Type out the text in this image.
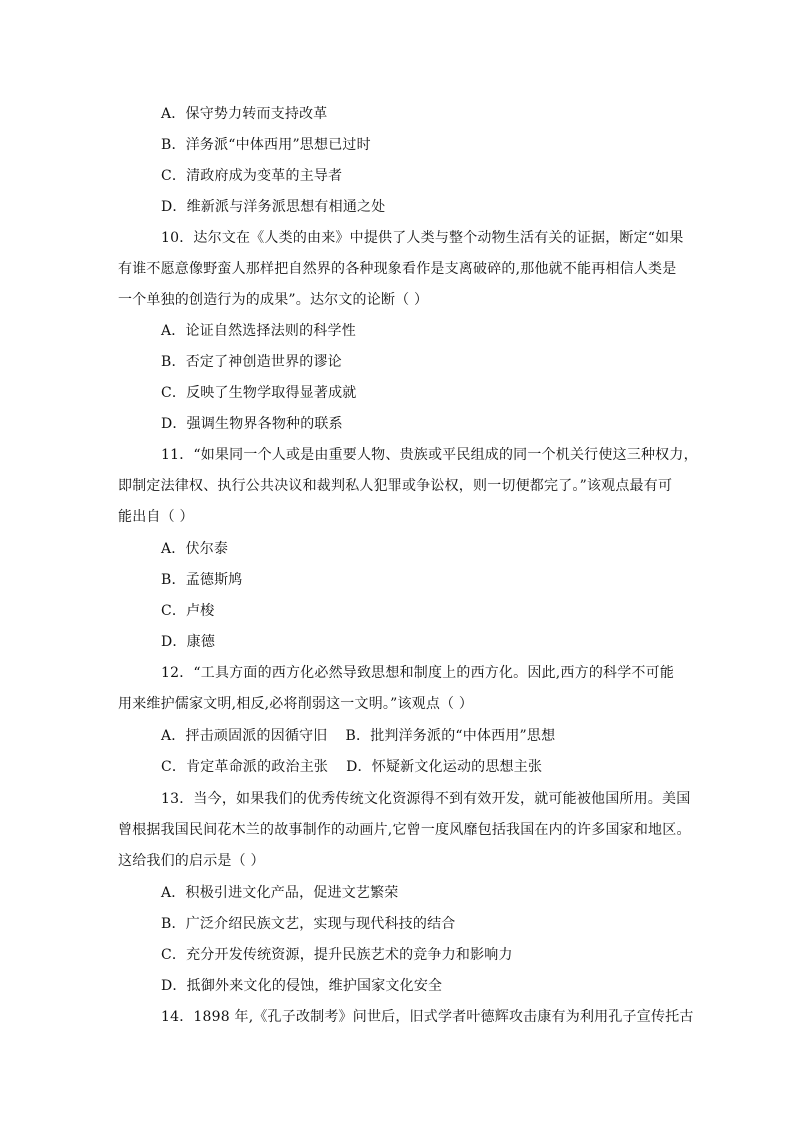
A．保守势力转而支持改革
B．洋务派“中体西用”思想已过时
C．清政府成为变革的主导者
D．维新派与洋务派思想有相通之处
10．达尔文在《人类的由来》中提供了人类与整个动物生活有关的证据，断定“如果
有谁不愿意像野蛮人那样把自然界的各种现象看作是支离破碎的,那他就不能再相信人类是
一个单独的创造行为的成果”。达尔文的论断（ ）
A．论证自然选择法则的科学性
B．否定了神创造世界的谬论
C．反映了生物学取得显著成就
D．强调生物界各物种的联系
11．“如果同一个人或是由重要人物、贵族或平民组成的同一个机关行使这三种权力，
即制定法律权、执行公共决议和裁判私人犯罪或争讼权，则一切便都完了。”该观点最有可
能出自（ ）
A．伏尔泰
B．孟德斯鸠
C．卢梭
D．康德
12．“工具方面的西方化必然导致思想和制度上的西方化。因此,西方的科学不可能
用来维护儒家文明,相反,必将削弱这一文明。”该观点（ ）
A．抨击顽固派的因循守旧 B．批判洋务派的“中体西用”思想
C．肯定革命派的政治主张 D．怀疑新文化运动的思想主张
13．当今，如果我们的优秀传统文化资源得不到有效开发，就可能被他国所用。美国
曾根据我国民间花木兰的故事制作的动画片,它曾一度风靡包括我国在内的许多国家和地区。
这给我们的启示是（ ）
A．积极引进文化产品，促进文艺繁荣
B．广泛介绍民族文艺，实现与现代科技的结合
C．充分开发传统资源，提升民族艺术的竞争力和影响力
D．抵御外来文化的侵蚀，维护国家文化安全
14．1898 年,《孔子改制考》问世后，旧式学者叶德辉攻击康有为利用孔子宣传托古
